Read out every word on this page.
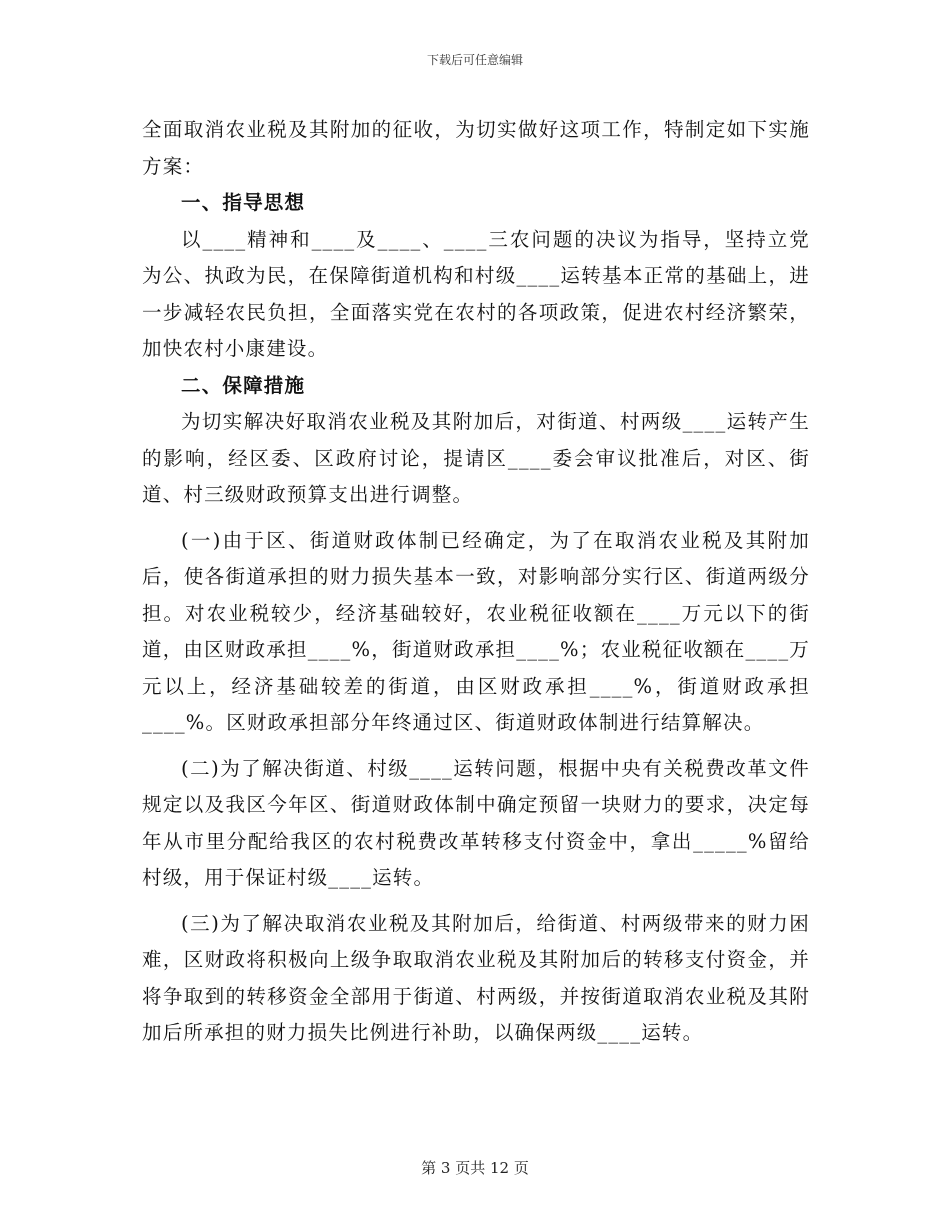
下载后可任意编辑

全面取消农业税及其附加的征收，为切实做好这项工作，特制定如下实施方案：

一、指导思想

以____精神和____及____、____三农问题的决议为指导，坚持立党为公、执政为民，在保障街道机构和村级____运转基本正常的基础上，进一步减轻农民负担，全面落实党在农村的各项政策，促进农村经济繁荣，加快农村小康建设。

二、保障措施

为切实解决好取消农业税及其附加后，对街道、村两级____运转产生的影响，经区委、区政府讨论，提请区____委会审议批准后，对区、街道、村三级财政预算支出进行调整。

(一)由于区、街道财政体制已经确定，为了在取消农业税及其附加后，使各街道承担的财力损失基本一致，对影响部分实行区、街道两级分担。对农业税较少，经济基础较好，农业税征收额在____万元以下的街道，由区财政承担____%，街道财政承担____%；农业税征收额在____万元以上，经济基础较差的街道，由区财政承担____%，街道财政承担____%。区财政承担部分年终通过区、街道财政体制进行结算解决。

(二)为了解决街道、村级____运转问题，根据中央有关税费改革文件规定以及我区今年区、街道财政体制中确定预留一块财力的要求，决定每年从市里分配给我区的农村税费改革转移支付资金中，拿出_____%留给村级，用于保证村级____运转。

(三)为了解决取消农业税及其附加后，给街道、村两级带来的财力困难，区财政将积极向上级争取取消农业税及其附加后的转移支付资金，并将争取到的转移资金全部用于街道、村两级，并按街道取消农业税及其附加后所承担的财力损失比例进行补助，以确保两级____运转。

第 3 页共 12 页
